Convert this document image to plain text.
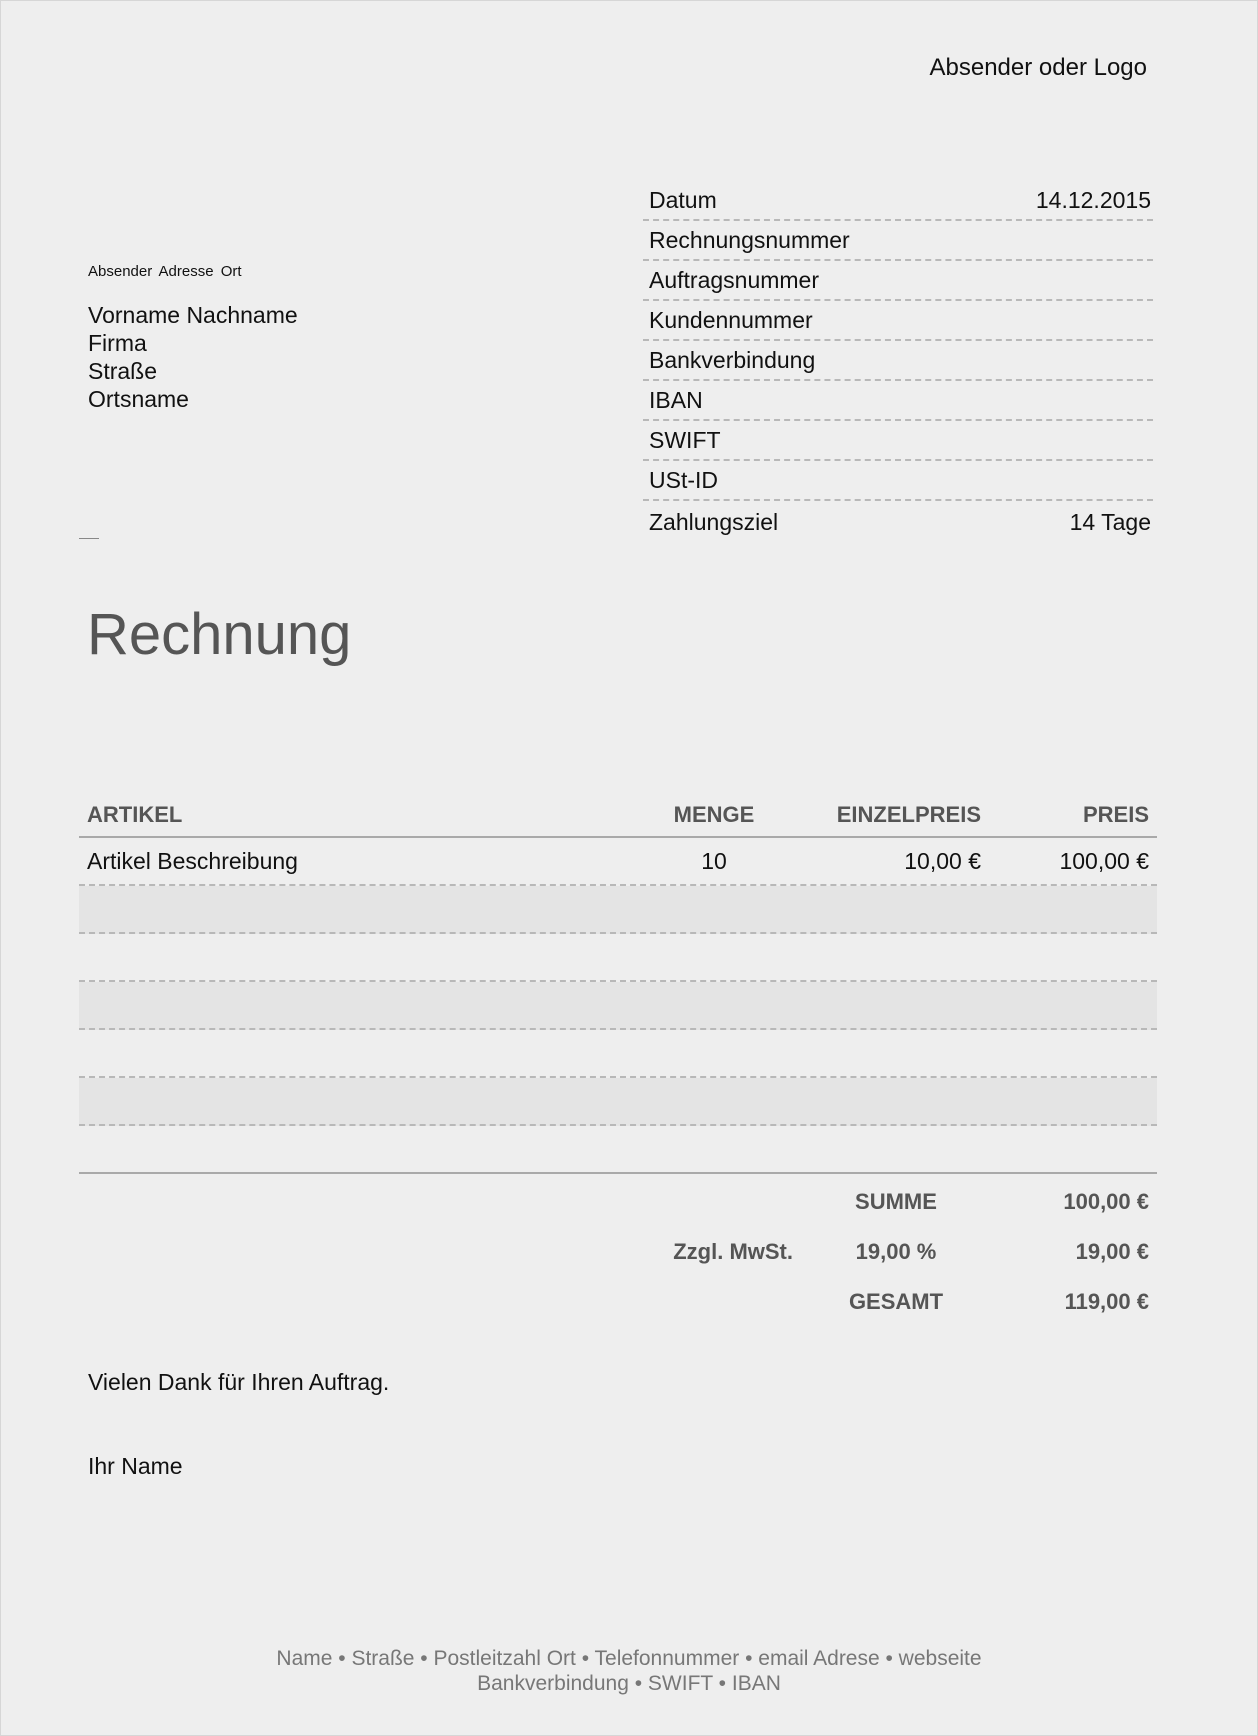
Absender oder Logo
Absender Adresse Ort
Vorname Nachname
Firma
Straße
Ortsname
Datum	14.12.2015
Rechnungsnummer
Auftragsnummer
Kundennummer
Bankverbindung
IBAN
SWIFT
USt-ID
Zahlungsziel	14 Tage
Rechnung
ARTIKEL	MENGE	EINZELPREIS	PREIS
Artikel Beschreibung	10	10,00 €	100,00 €
SUMME	100,00 €
Zzgl. MwSt.	19,00 %	19,00 €
GESAMT	119,00 €
Vielen Dank für Ihren Auftrag.
Ihr Name
Name • Straße • Postleitzahl Ort • Telefonnummer • email Adrese • webseite
Bankverbindung • SWIFT • IBAN
